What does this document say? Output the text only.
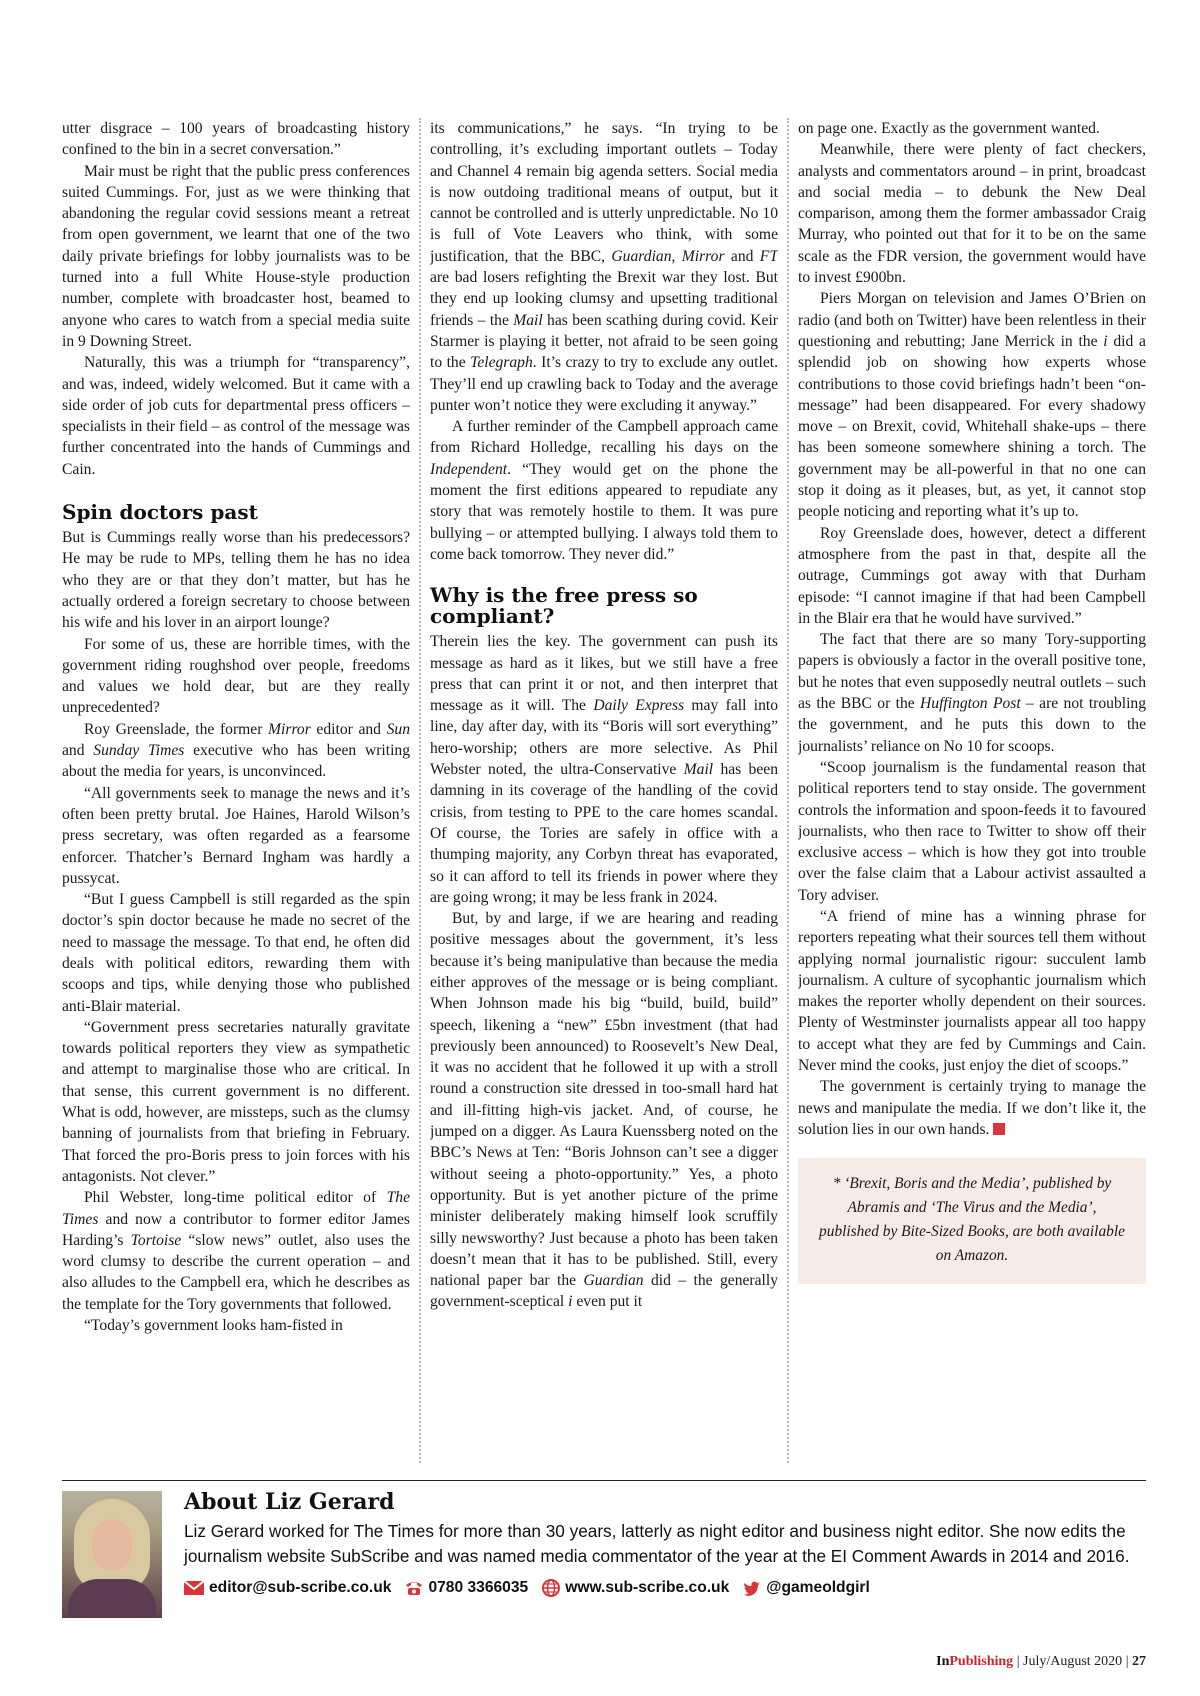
utter disgrace – 100 years of broadcasting history confined to the bin in a secret conversation.”

Mair must be right that the public press conferences suited Cummings. For, just as we were thinking that abandoning the regular covid sessions meant a retreat from open government, we learnt that one of the two daily private briefings for lobby journalists was to be turned into a full White House-style production number, complete with broadcaster host, beamed to anyone who cares to watch from a special media suite in 9 Downing Street.

Naturally, this was a triumph for “transparency”, and was, indeed, widely welcomed. But it came with a side order of job cuts for departmental press officers – specialists in their field – as control of the message was further concentrated into the hands of Cummings and Cain.

Spin doctors past

But is Cummings really worse than his predecessors? He may be rude to MPs, telling them he has no idea who they are or that they don’t matter, but has he actually ordered a foreign secretary to choose between his wife and his lover in an airport lounge?

For some of us, these are horrible times, with the government riding roughshod over people, freedoms and values we hold dear, but are they really unprecedented?

Roy Greenslade, the former Mirror editor and Sun and Sunday Times executive who has been writing about the media for years, is unconvinced.

“All governments seek to manage the news and it’s often been pretty brutal. Joe Haines, Harold Wilson’s press secretary, was often regarded as a fearsome enforcer. Thatcher’s Bernard Ingham was hardly a pussycat.

“But I guess Campbell is still regarded as the spin doctor’s spin doctor because he made no secret of the need to massage the message. To that end, he often did deals with political editors, rewarding them with scoops and tips, while denying those who published anti-Blair material.

“Government press secretaries naturally gravitate towards political reporters they view as sympathetic and attempt to marginalise those who are critical. In that sense, this current government is no different. What is odd, however, are missteps, such as the clumsy banning of journalists from that briefing in February. That forced the pro-Boris press to join forces with his antagonists. Not clever.”

Phil Webster, long-time political editor of The Times and now a contributor to former editor James Harding’s Tortoise “slow news” outlet, also uses the word clumsy to describe the current operation – and also alludes to the Campbell era, which he describes as the template for the Tory governments that followed.

“Today’s government looks ham-fisted in

its communications,” he says. “In trying to be controlling, it’s excluding important outlets – Today and Channel 4 remain big agenda setters. Social media is now outdoing traditional means of output, but it cannot be controlled and is utterly unpredictable. No 10 is full of Vote Leavers who think, with some justification, that the BBC, Guardian, Mirror and FT are bad losers refighting the Brexit war they lost. But they end up looking clumsy and upsetting traditional friends – the Mail has been scathing during covid. Keir Starmer is playing it better, not afraid to be seen going to the Telegraph. It’s crazy to try to exclude any outlet. They’ll end up crawling back to Today and the average punter won’t notice they were excluding it anyway.”

A further reminder of the Campbell approach came from Richard Holledge, recalling his days on the Independent. “They would get on the phone the moment the first editions appeared to repudiate any story that was remotely hostile to them. It was pure bullying – or attempted bullying. I always told them to come back tomorrow. They never did.”

Why is the free press so compliant?

Therein lies the key. The government can push its message as hard as it likes, but we still have a free press that can print it or not, and then interpret that message as it will. The Daily Express may fall into line, day after day, with its “Boris will sort everything” hero-worship; others are more selective. As Phil Webster noted, the ultra-Conservative Mail has been damning in its coverage of the handling of the covid crisis, from testing to PPE to the care homes scandal. Of course, the Tories are safely in office with a thumping majority, any Corbyn threat has evaporated, so it can afford to tell its friends in power where they are going wrong; it may be less frank in 2024.

But, by and large, if we are hearing and reading positive messages about the government, it’s less because it’s being manipulative than because the media either approves of the message or is being compliant. When Johnson made his big “build, build, build” speech, likening a “new” £5bn investment (that had previously been announced) to Roosevelt’s New Deal, it was no accident that he followed it up with a stroll round a construction site dressed in too-small hard hat and ill-fitting high-vis jacket. And, of course, he jumped on a digger. As Laura Kuenssberg noted on the BBC’s News at Ten: “Boris Johnson can’t see a digger without seeing a photo-opportunity.” Yes, a photo opportunity. But is yet another picture of the prime minister deliberately making himself look scruffily silly newsworthy? Just because a photo has been taken doesn’t mean that it has to be published. Still, every national paper bar the Guardian did – the generally government-sceptical i even put it

on page one. Exactly as the government wanted.

Meanwhile, there were plenty of fact checkers, analysts and commentators around – in print, broadcast and social media – to debunk the New Deal comparison, among them the former ambassador Craig Murray, who pointed out that for it to be on the same scale as the FDR version, the government would have to invest £900bn.

Piers Morgan on television and James O’Brien on radio (and both on Twitter) have been relentless in their questioning and rebutting; Jane Merrick in the i did a splendid job on showing how experts whose contributions to those covid briefings hadn’t been “on-message” had been disappeared. For every shadowy move – on Brexit, covid, Whitehall shake-ups – there has been someone somewhere shining a torch. The government may be all-powerful in that no one can stop it doing as it pleases, but, as yet, it cannot stop people noticing and reporting what it’s up to.

Roy Greenslade does, however, detect a different atmosphere from the past in that, despite all the outrage, Cummings got away with that Durham episode: “I cannot imagine if that had been Campbell in the Blair era that he would have survived.”

The fact that there are so many Tory-supporting papers is obviously a factor in the overall positive tone, but he notes that even supposedly neutral outlets – such as the BBC or the Huffington Post – are not troubling the government, and he puts this down to the journalists’ reliance on No 10 for scoops.

“Scoop journalism is the fundamental reason that political reporters tend to stay onside. The government controls the information and spoon-feeds it to favoured journalists, who then race to Twitter to show off their exclusive access – which is how they got into trouble over the false claim that a Labour activist assaulted a Tory adviser.

“A friend of mine has a winning phrase for reporters repeating what their sources tell them without applying normal journalistic rigour: succulent lamb journalism. A culture of sycophantic journalism which makes the reporter wholly dependent on their sources. Plenty of Westminster journalists appear all too happy to accept what they are fed by Cummings and Cain. Never mind the cooks, just enjoy the diet of scoops.”

The government is certainly trying to manage the news and manipulate the media. If we don’t like it, the solution lies in our own hands.×

* ‘Brexit, Boris and the Media’, published by Abramis and ‘The Virus and the Media’, published by Bite-Sized Books, are both available on Amazon.
About Liz Gerard

Liz Gerard worked for The Times for more than 30 years, latterly as night editor and business night editor. She now edits the journalism website SubScribe and was named media commentator of the year at the EI Comment Awards in 2014 and 2016.

editor@sub-scribe.co.uk 0780 3366035 www.sub-scribe.co.uk @gameoldgirl
InPublishing | July/August 2020 | 27
